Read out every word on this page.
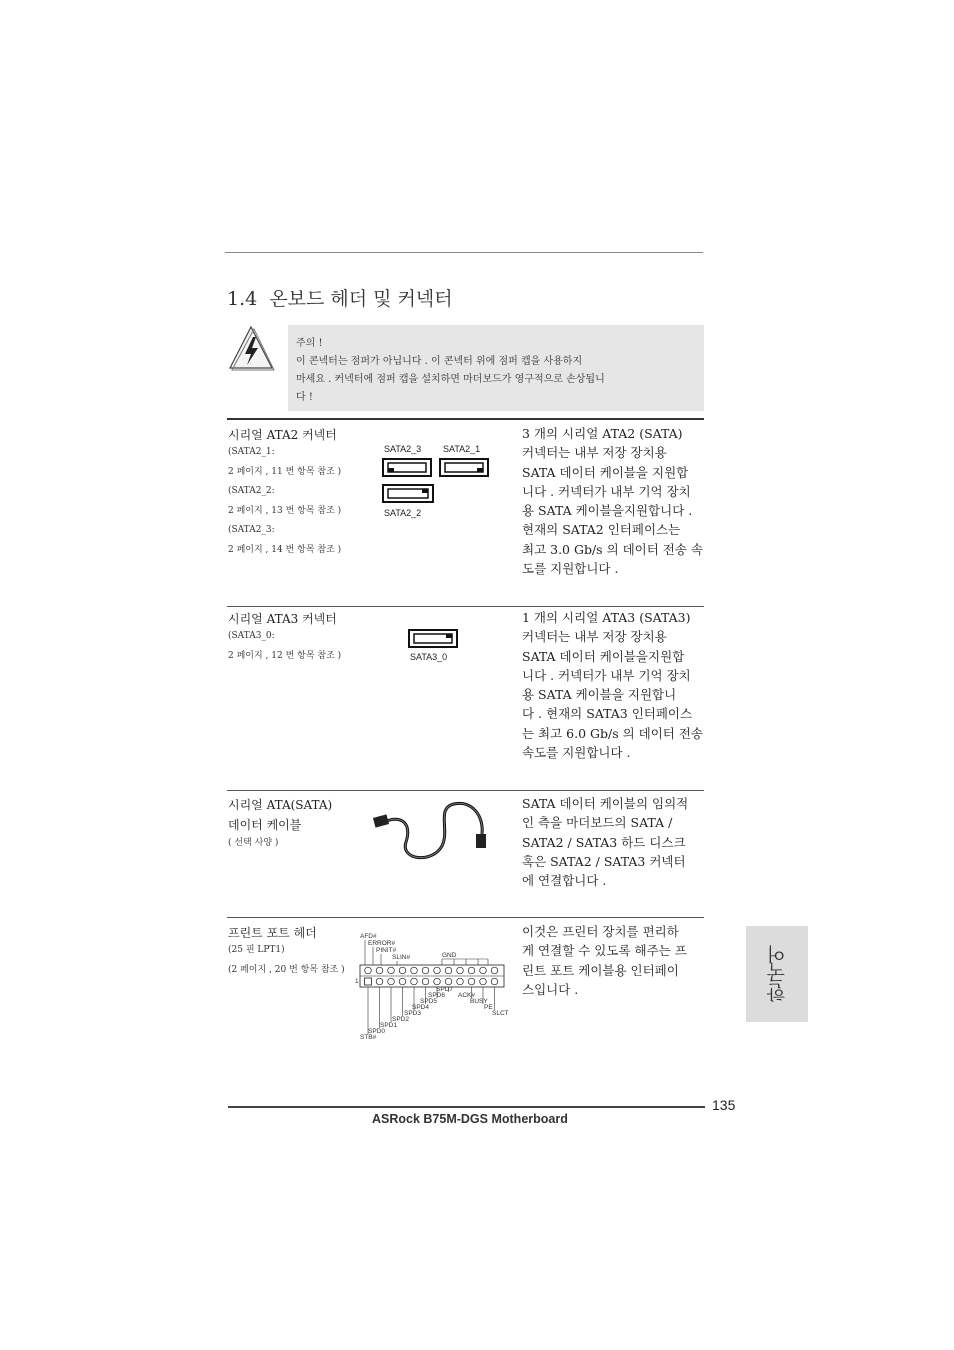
1.4 온보드 헤더 및 커넥터
주의 !
이 콘넥터는 점퍼가 아닙니다 . 이 콘넥터 위에 점퍼 캡을 사용하지
마세요 . 커넥터에 점퍼 캡을 설치하면 마더보드가 영구적으로 손상됩니
다 !
시리얼 ATA2 커넥터
(SATA2_1:
2 페이지 , 11 번 항목 참조 )
(SATA2_2:
2 페이지 , 13 번 항목 참조 )
(SATA2_3:
2 페이지 , 14 번 항목 참조 )
SATA2_3 SATA2_1
SATA2_2
3 개의 시리얼 ATA2 (SATA)
커넥터는 내부 저장 장치용
SATA 데이터 케이블을 지원합
니다 . 커넥터가 내부 기억 장치
용 SATA 케이블을지원합니다 .
현재의 SATA2 인터페이스는
최고 3.0 Gb/s 의 데이터 전송 속
도를 지원합니다 .
시리얼 ATA3 커넥터
(SATA3_0:
2 페이지 , 12 번 항목 참조 )	SATA3_0
1 개의 시리얼 ATA3 (SATA3)
커넥터는 내부 저장 장치용
SATA 데이터 케이블을지원합
니다 . 커넥터가 내부 기억 장치
용 SATA 케이블을 지원합니
다 . 현재의 SATA3 인터페이스
는 최고 6.0 Gb/s 의 데이터 전송
속도를 지원합니다 .
시리얼 ATA(SATA)
데이터 케이블
( 선택 사양 )
SATA 데이터 케이블의 임의적
인 측을 마더보드의 SATA /
SATA2 / SATA3 하드 디스크
혹은 SATA2 / SATA3 커넥터
에 연결합니다 .
프린트 포트 헤더
(25 핀 LPT1)
(2 페이지 , 20 번 항목 참조 )
AFD#
ERROR#
PINIT#
SLIN#	GND
1
SPD7
SPD6 ACK#
SPD5	BUSY
SPD4	PE
SPD3	SLCT
SPD2
SPD1
SPD0
STB#
이것은 프린터 장치를 편리하
게 연결할 수 있도록 해주는 프
린트 포트 케이블용 인터페이
스입니다 .	한국어
135
ASRock B75M-DGS Motherboard
